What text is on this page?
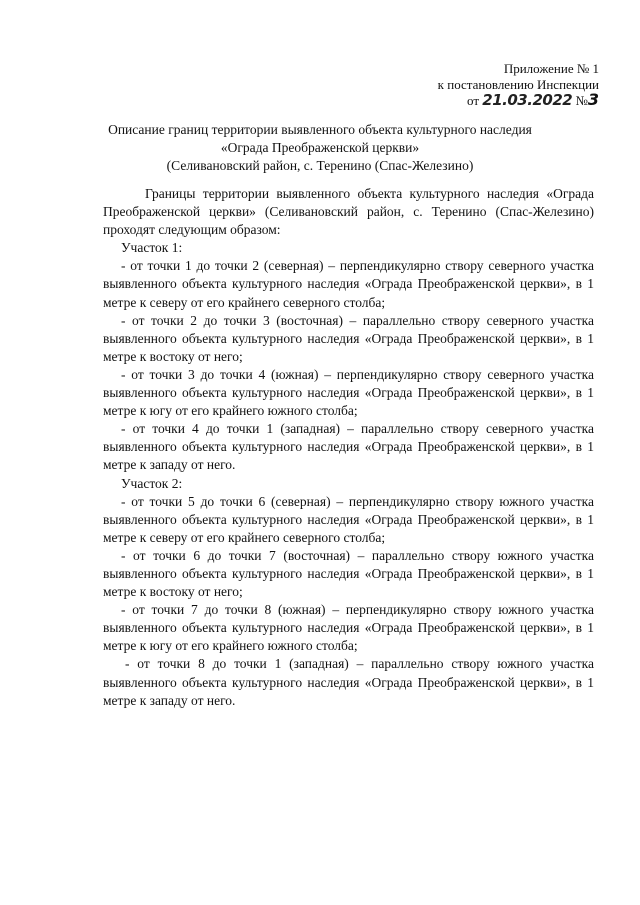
Приложение № 1
к постановлению Инспекции
от 21.03.2022 №3
Описание границ территории выявленного объекта культурного наследия
«Ограда Преображенской церкви»
(Селивановский район, с. Теренино (Спас-Железино)

Границы территории выявленного объекта культурного наследия «Ограда Преображенской церкви» (Селивановский район, с. Теренино (Спас-Железино) проходят следующим образом:

Участок 1:

- от точки 1 до точки 2 (северная) – перпендикулярно створу северного участка выявленного объекта культурного наследия «Ограда Преображенской церкви», в 1 метре к северу от его крайнего северного столба;

- от точки 2 до точки 3 (восточная) – параллельно створу северного участка выявленного объекта культурного наследия «Ограда Преображенской церкви», в 1 метре к востоку от него;

- от точки 3 до точки 4 (южная) – перпендикулярно створу северного участка выявленного объекта культурного наследия «Ограда Преображенской церкви», в 1 метре к югу от его крайнего южного столба;

- от точки 4 до точки 1 (западная) – параллельно створу северного участка выявленного объекта культурного наследия «Ограда Преображенской церкви», в 1 метре к западу от него.

Участок 2:

- от точки 5 до точки 6 (северная) – перпендикулярно створу южного участка выявленного объекта культурного наследия «Ограда Преображенской церкви», в 1 метре к северу от его крайнего северного столба;

- от точки 6 до точки 7 (восточная) – параллельно створу южного участка выявленного объекта культурного наследия «Ограда Преображенской церкви», в 1 метре к востоку от него;

- от точки 7 до точки 8 (южная) – перпендикулярно створу южного участка выявленного объекта культурного наследия «Ограда Преображенской церкви», в 1 метре к югу от его крайнего южного столба;

- от точки 8 до точки 1 (западная) – параллельно створу южного участка выявленного объекта культурного наследия «Ограда Преображенской церкви», в 1 метре к западу от него.
